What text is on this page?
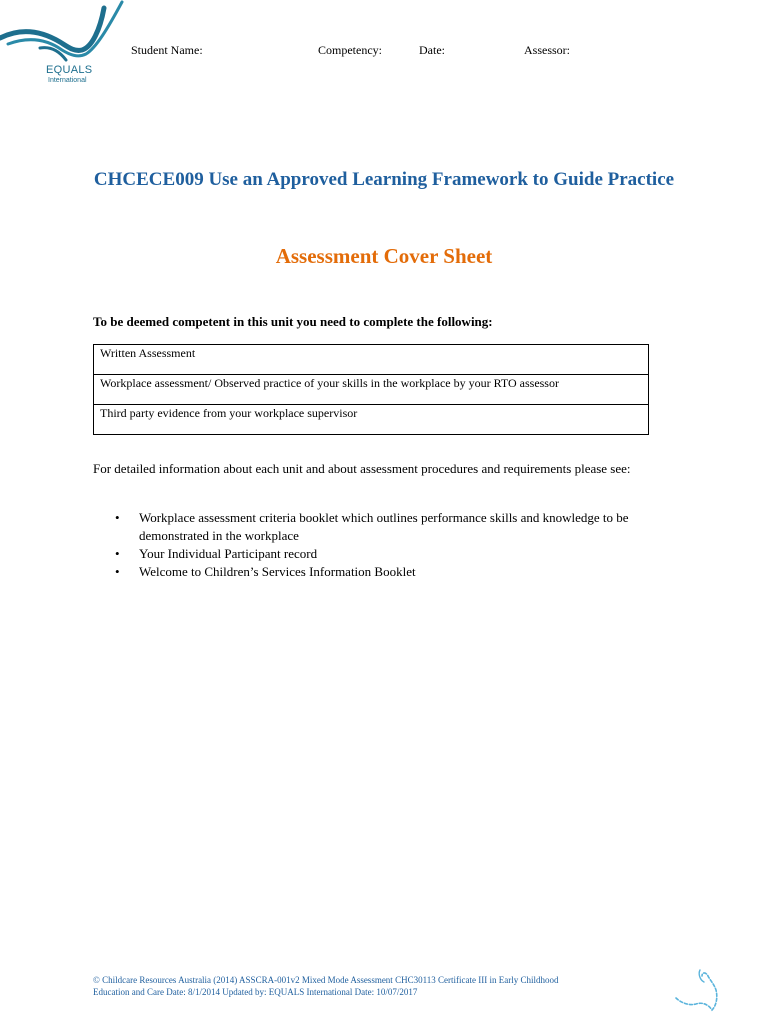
EQUALS
International
Student Name:	Competency:	Date:	Assessor:
CHCECE009 Use an Approved Learning Framework to Guide Practice
Assessment Cover Sheet
To be deemed competent in this unit you need to complete the following:
Written Assessment
Workplace assessment/ Observed practice of your skills in the workplace by your RTO assessor
Third party evidence from your workplace supervisor
For detailed information about each unit and about assessment procedures and requirements please see:
• Workplace assessment criteria booklet which outlines performance skills and knowledge to be demonstrated in the workplace
• Your Individual Participant record
• Welcome to Children’s Services Information Booklet
© Childcare Resources Australia (2014) ASSCRA-001v2 Mixed Mode Assessment CHC30113 Certificate III in Early Childhood
Education and Care Date: 8/1/2014 Updated by: EQUALS International Date: 10/07/2017
